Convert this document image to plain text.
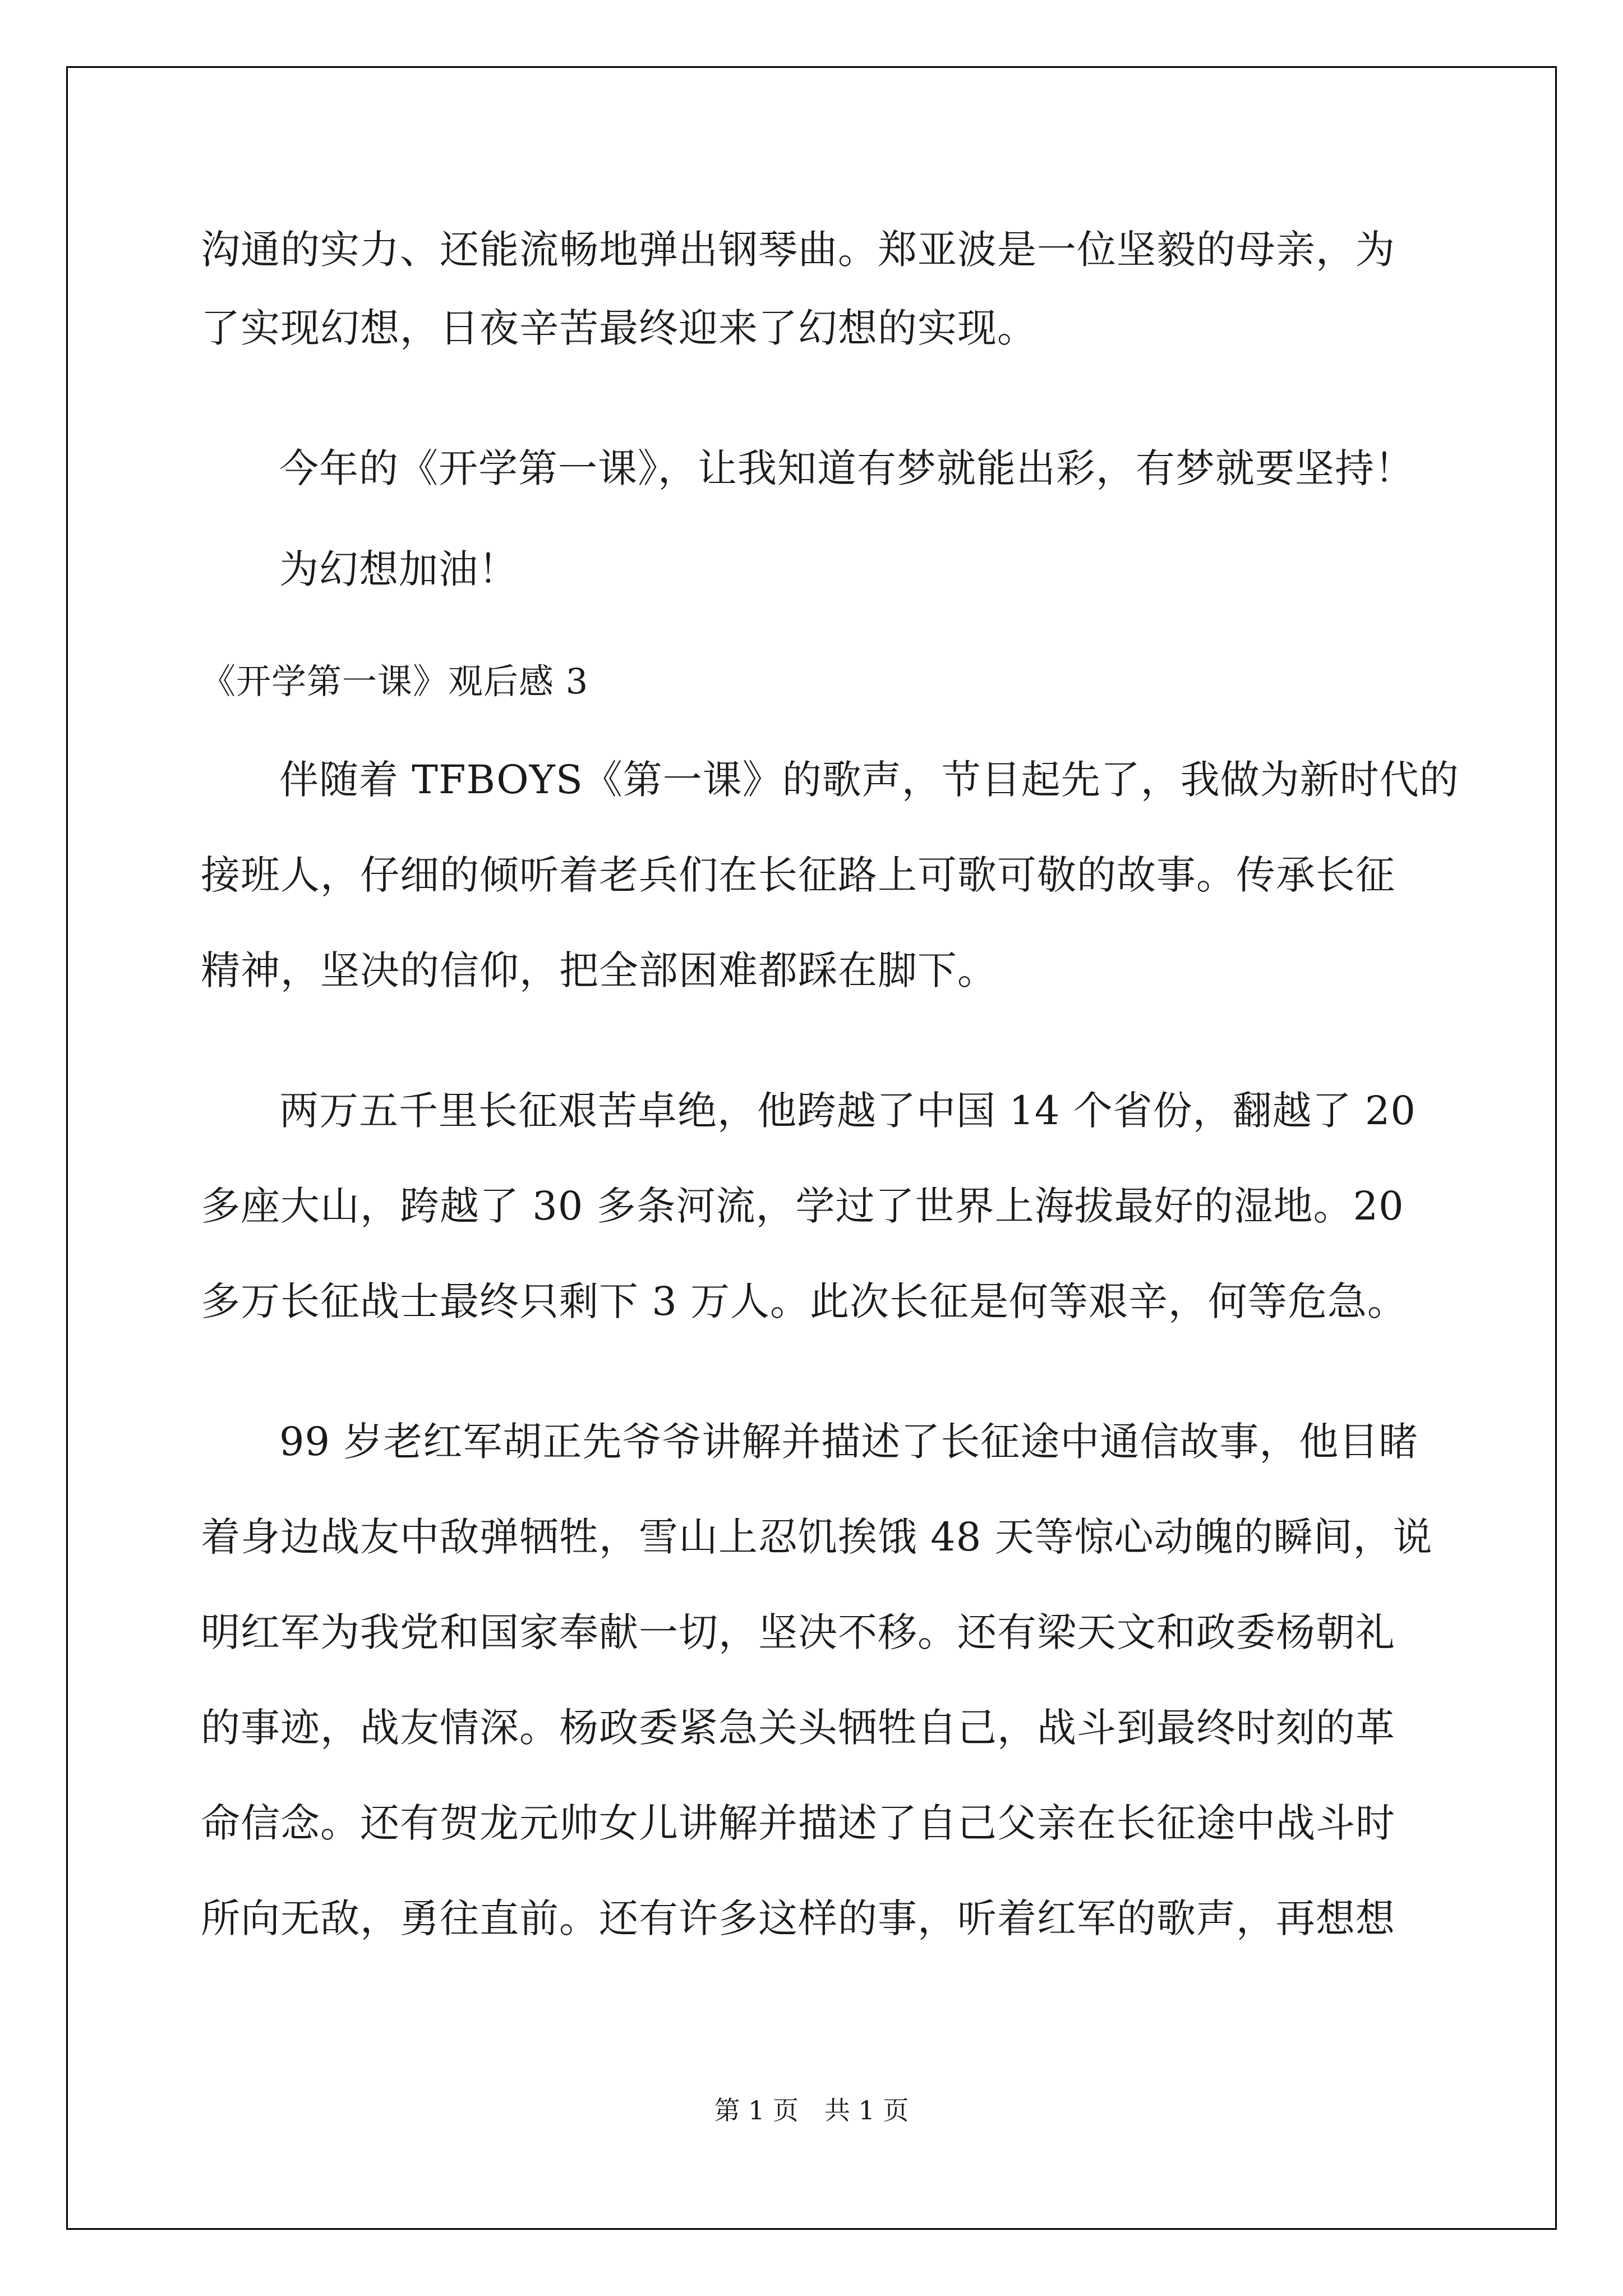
沟通的实力、还能流畅地弹出钢琴曲。郑亚波是一位坚毅的母亲，为
了实现幻想，日夜辛苦最终迎来了幻想的实现。
今年的《开学第一课》，让我知道有梦就能出彩，有梦就要坚持！
为幻想加油！
《开学第一课》观后感 3
伴随着 TFBOYS《第一课》的歌声，节目起先了，我做为新时代的
接班人，仔细的倾听着老兵们在长征路上可歌可敬的故事。传承长征
精神，坚决的信仰，把全部困难都踩在脚下。
两万五千里长征艰苦卓绝，他跨越了中国 14 个省份，翻越了 20
多座大山，跨越了 30 多条河流，学过了世界上海拔最好的湿地。20
多万长征战士最终只剩下 3 万人。此次长征是何等艰辛，何等危急。
99 岁老红军胡正先爷爷讲解并描述了长征途中通信故事，他目睹
着身边战友中敌弹牺牲，雪山上忍饥挨饿 48 天等惊心动魄的瞬间，说
明红军为我党和国家奉献一切，坚决不移。还有梁天文和政委杨朝礼
的事迹，战友情深。杨政委紧急关头牺牲自己，战斗到最终时刻的革
命信念。还有贺龙元帅女儿讲解并描述了自己父亲在长征途中战斗时
所向无敌，勇往直前。还有许多这样的事，听着红军的歌声，再想想
第 1 页　共 1 页
